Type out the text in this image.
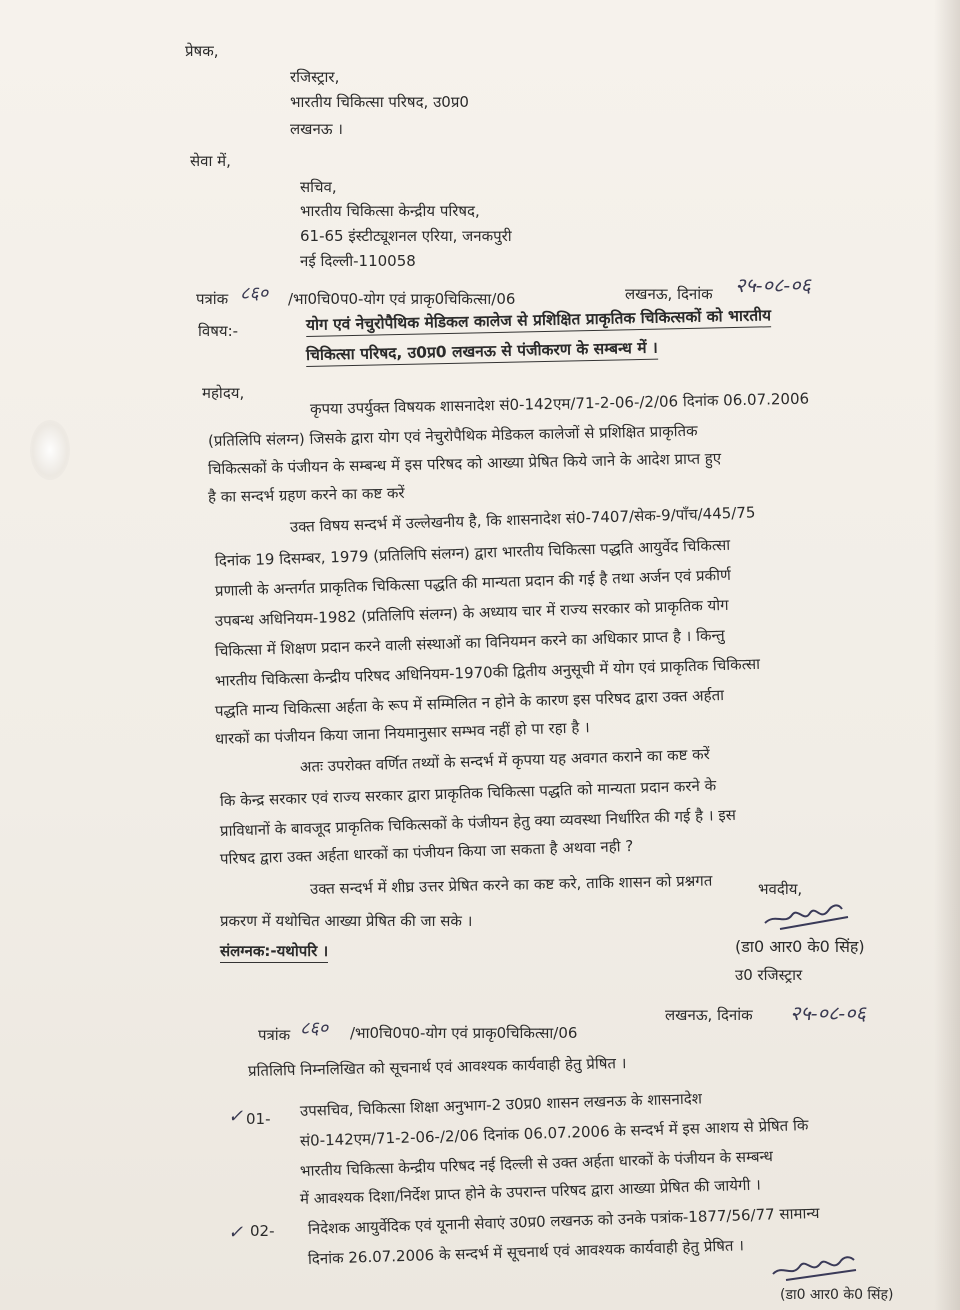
प्रेषक,
रजिस्ट्रार,
भारतीय चिकित्सा परिषद, उ0प्र0
लखनऊ ।
सेवा में,
सचिव,
भारतीय चिकित्सा केन्द्रीय परिषद,
61-65 इंस्टीट्यूशनल एरिया, जनकपुरी
नई दिल्ली-110058
पत्रांक ८६० /भा0चि0प0-योग एवं प्राकृ0चिकित्सा/06	लखनऊ, दिनांक २५-०८-०६
विषय:-	योग एवं नेचुरोपैथिक मेडिकल कालेज से प्रशिक्षित प्राकृतिक चिकित्सकों को भारतीय
चिकित्सा परिषद, उ0प्र0 लखनऊ से पंजीकरण के सम्बन्ध में ।
महोदय,	कृपया उपर्युक्त विषयक शासनादेश सं0-142एम/71-2-06-/2/06 दिनांक 06.07.2006
(प्रतिलिपि संलग्न) जिसके द्वारा योग एवं नेचुरोपैथिक मेडिकल कालेजों से प्रशिक्षित प्राकृतिक
चिकित्सकों के पंजीयन के सम्बन्ध में इस परिषद को आख्या प्रेषित किये जाने के आदेश प्राप्त हुए
है का सन्दर्भ ग्रहण करने का कष्ट करें
उक्त विषय सन्दर्भ में उल्लेखनीय है, कि शासनादेश सं0-7407/सेक-9/पाँच/445/75
दिनांक 19 दिसम्बर, 1979 (प्रतिलिपि संलग्न) द्वारा भारतीय चिकित्सा पद्धति आयुर्वेद चिकित्सा
प्रणाली के अन्तर्गत प्राकृतिक चिकित्सा पद्धति की मान्यता प्रदान की गई है तथा अर्जन एवं प्रकीर्ण
उपबन्ध अधिनियम-1982 (प्रतिलिपि संलग्न) के अध्याय चार में राज्य सरकार को प्राकृतिक योग
चिकित्सा में शिक्षण प्रदान करने वाली संस्थाओं का विनियमन करने का अधिकार प्राप्त है । किन्तु
भारतीय चिकित्सा केन्द्रीय परिषद अधिनियम-1970की द्वितीय अनुसूची में योग एवं प्राकृतिक चिकित्सा
पद्धति मान्य चिकित्सा अर्हता के रूप में सम्मिलित न होने के कारण इस परिषद द्वारा उक्त अर्हता
धारकों का पंजीयन किया जाना नियमानुसार सम्भव नहीं हो पा रहा है ।
अतः उपरोक्त वर्णित तथ्यों के सन्दर्भ में कृपया यह अवगत कराने का कष्ट करें
कि केन्द्र सरकार एवं राज्य सरकार द्वारा प्राकृतिक चिकित्सा पद्धति को मान्यता प्रदान करने के
प्राविधानों के बावजूद प्राकृतिक चिकित्सकों के पंजीयन हेतु क्या व्यवस्था निर्धारित की गई है । इस
परिषद द्वारा उक्त अर्हता धारकों का पंजीयन किया जा सकता है अथवा नही ?
उक्त सन्दर्भ में शीघ्र उत्तर प्रेषित करने का कष्ट करे, ताकि शासन को प्रश्नगत
प्रकरण में यथोचित आख्या प्रेषित की जा सके ।
संलग्नक:-यथोपरि ।
भवदीय,
(डा0 आर0 के0 सिंह)
उ0 रजिस्ट्रार
पत्रांक ८६० /भा0चि0प0-योग एवं प्राकृ0चिकित्सा/06
लखनऊ, दिनांक २५-०८-०६
प्रतिलिपि निम्नलिखित को सूचनार्थ एवं आवश्यक कार्यवाही हेतु प्रेषित ।
✓ 01- उपसचिव, चिकित्सा शिक्षा अनुभाग-2 उ0प्र0 शासन लखनऊ के शासनादेश
सं0-142एम/71-2-06-/2/06 दिनांक 06.07.2006 के सन्दर्भ में इस आशय से प्रेषित कि
भारतीय चिकित्सा केन्द्रीय परिषद नई दिल्ली से उक्त अर्हता धारकों के पंजीयन के सम्बन्ध
में आवश्यक दिशा/निर्देश प्राप्त होने के उपरान्त परिषद द्वारा आख्या प्रेषित की जायेगी ।
✓ 02- निदेशक आयुर्वेदिक एवं यूनानी सेवाएं उ0प्र0 लखनऊ को उनके पत्रांक-1877/56/77 सामान्य
दिनांक 26.07.2006 के सन्दर्भ में सूचनार्थ एवं आवश्यक कार्यवाही हेतु प्रेषित ।
(डा0 आर0 के0 सिंह)
